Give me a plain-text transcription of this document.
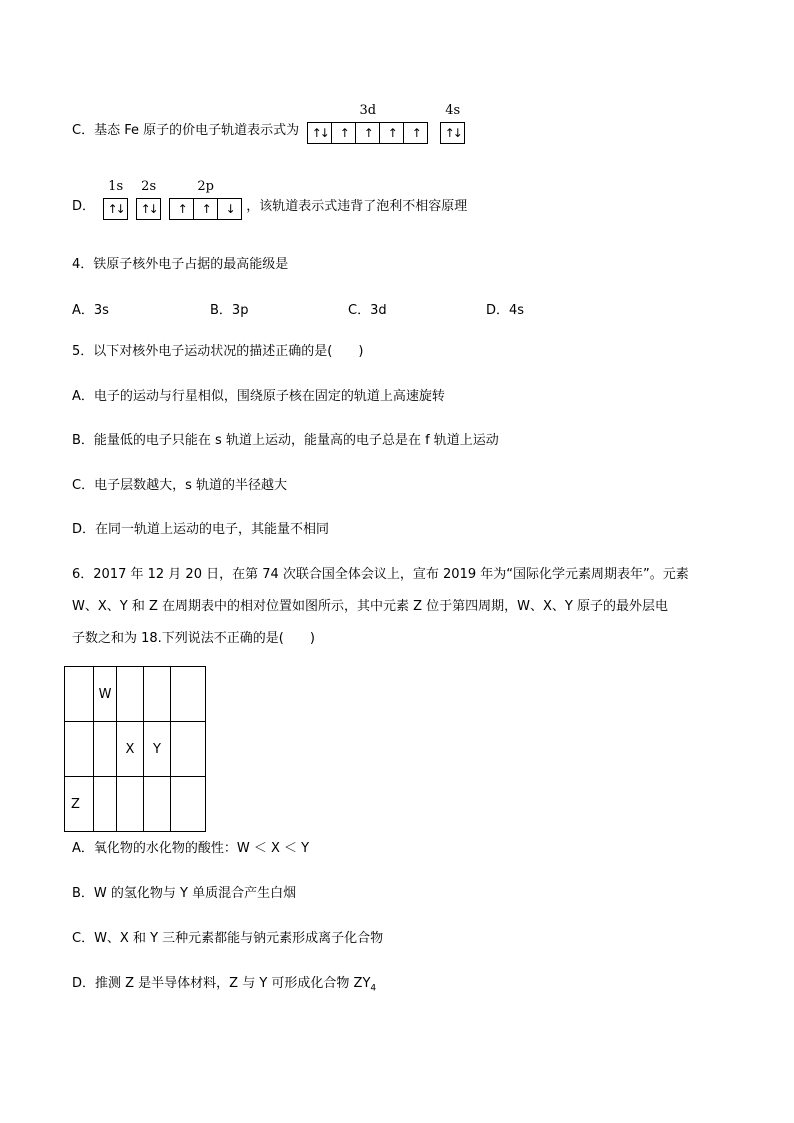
C．基态 Fe 原子的价电子轨道表示式为
3d
↑↓ ↑	↑	↑	↑
4s
↑↓
D．
1s
↑↓
2s
↑↓
2p
↑	↑	↓ ，该轨道表示式违背了泡利不相容原理
4．铁原子核外电子占据的最高能级是
A．3s	B．3p	C．3d	D．4s
5．以下对核外电子运动状况的描述正确的是(　　)
A．电子的运动与行星相似，围绕原子核在固定的轨道上高速旋转
B．能量低的电子只能在 s 轨道上运动，能量高的电子总是在 f 轨道上运动
C．电子层数越大，s 轨道的半径越大
D．在同一轨道上运动的电子，其能量不相同
6．2017 年 12 月 20 日，在第 74 次联合国全体会议上，宣布 2019 年为“国际化学元素周期表年”。元素
W、X、Y 和 Z 在周期表中的相对位置如图所示，其中元素 Z 位于第四周期，W、X、Y 原子的最外层电
子数之和为 18.下列说法不正确的是(　　)
	W			
		X	Y	
Z				
A．氧化物的水化物的酸性：W ＜ X ＜ Y
B．W 的氢化物与 Y 单质混合产生白烟
C．W、X 和 Y 三种元素都能与钠元素形成离子化合物
D．推测 Z 是半导体材料，Z 与 Y 可形成化合物 $ZY_4$
